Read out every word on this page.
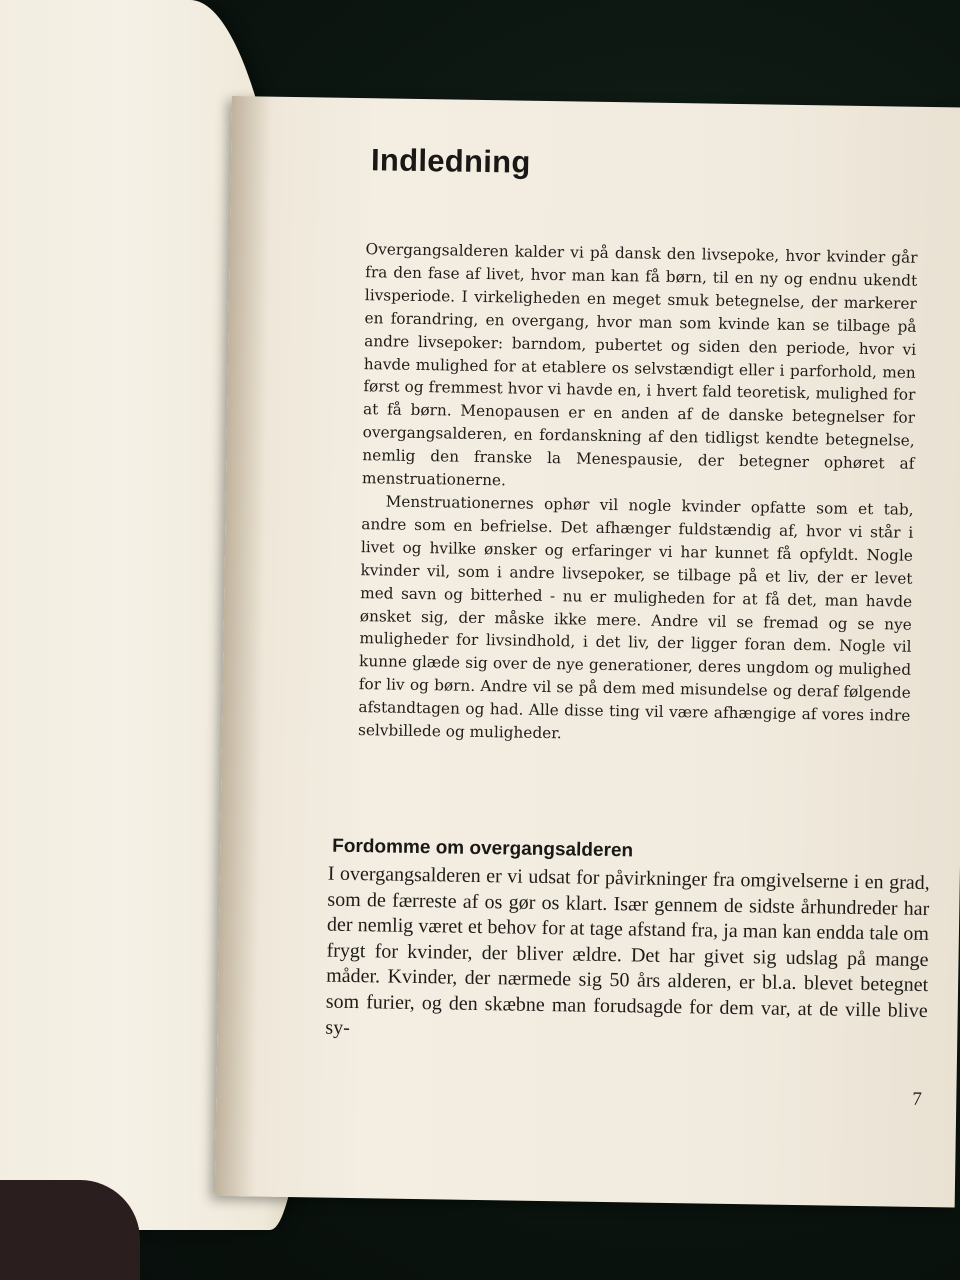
Indledning

Overgangsalderen kalder vi på dansk den livsepoke, hvor kvinder går fra den fase af livet, hvor man kan få børn, til en ny og endnu ukendt livsperiode. I virkeligheden en meget smuk betegnelse, der markerer en forandring, en overgang, hvor man som kvinde kan se tilbage på andre livsepoker: barndom, pubertet og siden den periode, hvor vi havde mulighed for at etablere os selvstændigt eller i parforhold, men først og fremmest hvor vi havde en, i hvert fald teoretisk, mulighed for at få børn. Menopausen er en anden af de danske betegnelser for overgangsalderen, en fordanskning af den tidligst kendte betegnelse, nemlig den franske la Menespausie, der betegner ophøret af menstruationerne.

Menstruationernes ophør vil nogle kvinder opfatte som et tab, andre som en befrielse. Det afhænger fuldstændig af, hvor vi står i livet og hvilke ønsker og erfaringer vi har kunnet få opfyldt. Nogle kvinder vil, som i andre livsepoker, se tilbage på et liv, der er levet med savn og bitterhed - nu er muligheden for at få det, man havde ønsket sig, der måske ikke mere. Andre vil se fremad og se nye muligheder for livsindhold, i det liv, der ligger foran dem. Nogle vil kunne glæde sig over de nye generationer, deres ungdom og mulighed for liv og børn. Andre vil se på dem med misundelse og deraf følgende afstandtagen og had. Alle disse ting vil være afhængige af vores indre selvbillede og muligheder.

Fordomme om overgangsalderen

I overgangsalderen er vi udsat for påvirkninger fra omgivelserne i en grad, som de færreste af os gør os klart. Især gennem de sidste århundreder har der nemlig været et behov for at tage afstand fra, ja man kan endda tale om frygt for kvinder, der bliver ældre. Det har givet sig udslag på mange måder. Kvinder, der nærmede sig 50 års alderen, er bl.a. blevet betegnet som furier, og den skæbne man forudsagde for dem var, at de ville blive sy-

7
